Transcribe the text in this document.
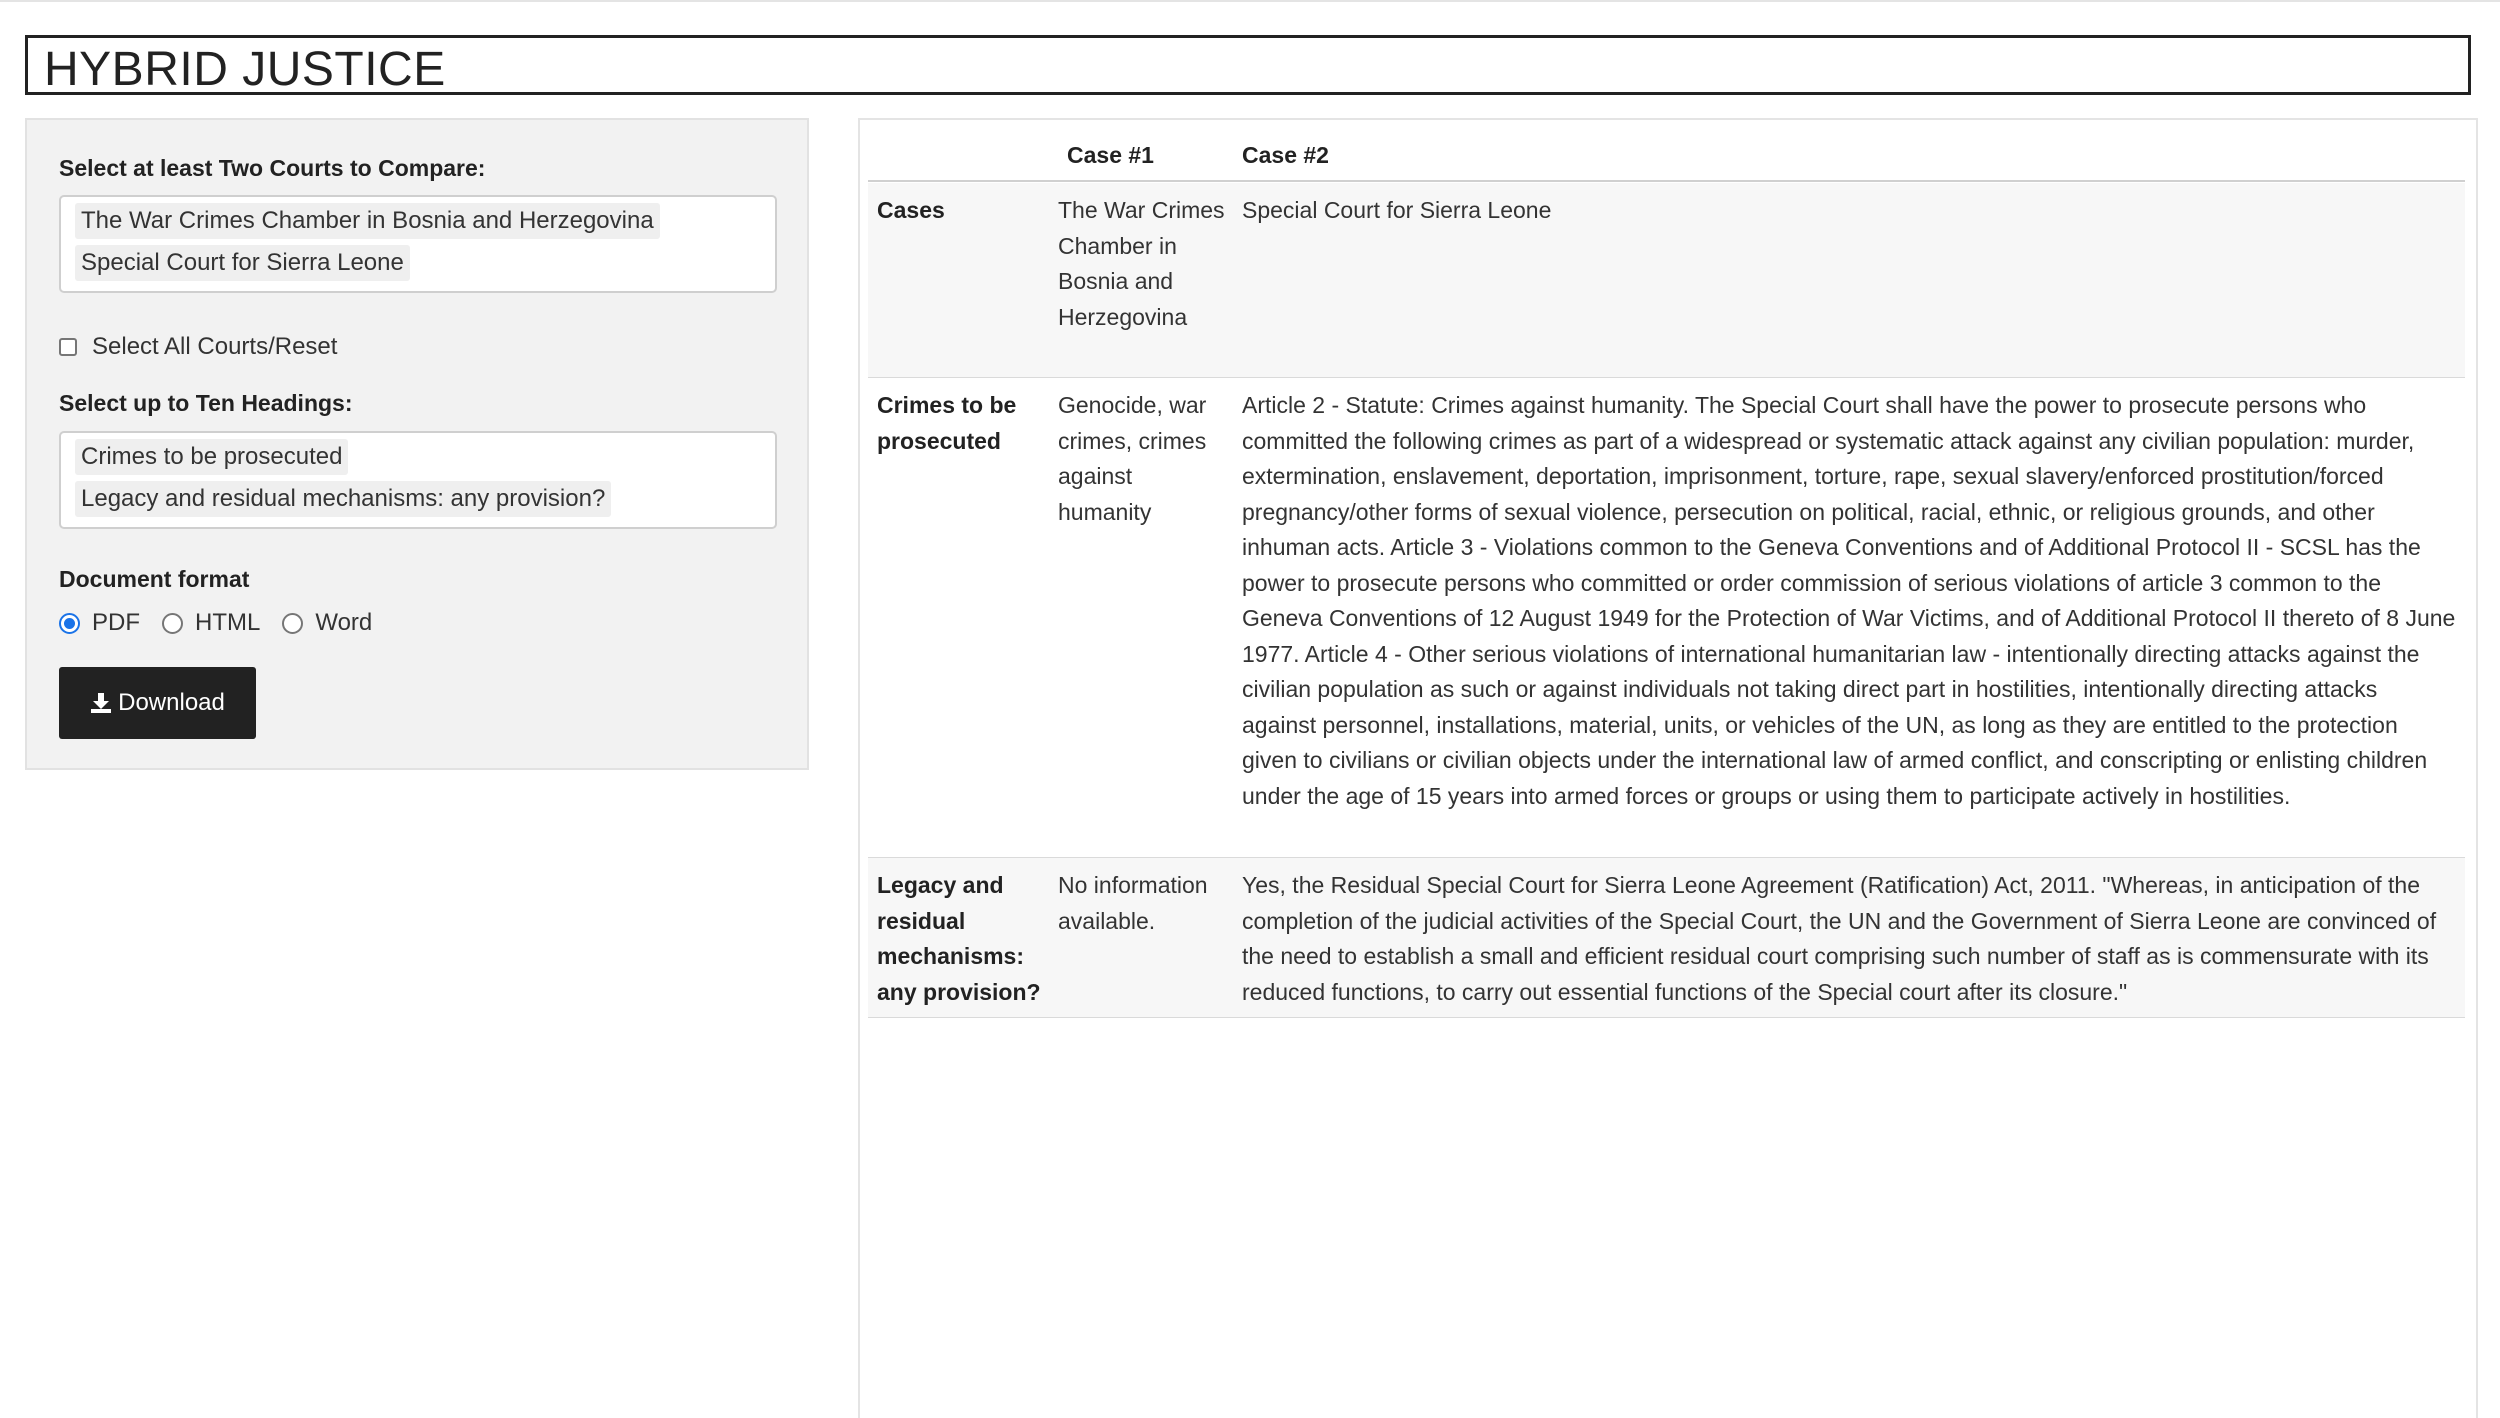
HYBRID JUSTICE
Select at least Two Courts to Compare:
The War Crimes Chamber in Bosnia and Herzegovina
Special Court for Sierra Leone
Select All Courts/Reset
Select up to Ten Headings:
Crimes to be prosecuted
Legacy and residual mechanisms: any provision?
Document format
PDF HTML Word
Download
Case #1	Case #2
Cases	The War Crimes Chamber in Bosnia and Herzegovina
Special Court for Sierra Leone
Crimes to be prosecuted
Genocide, war crimes, crimes against humanity
Article 2 - Statute: Crimes against humanity. The Special Court shall have the power to prosecute persons who committed the following crimes as part of a widespread or systematic attack against any civilian population: murder, extermination, enslavement, deportation, imprisonment, torture, rape, sexual slavery/enforced prostitution/forced pregnancy/other forms of sexual violence, persecution on political, racial, ethnic, or religious grounds, and other inhuman acts. Article 3 - Violations common to the Geneva Conventions and of Additional Protocol II - SCSL has the power to prosecute persons who committed or order commission of serious violations of article 3 common to the Geneva Conventions of 12 August 1949 for the Protection of War Victims, and of Additional Protocol II thereto of 8 June 1977. Article 4 - Other serious violations of international humanitarian law - intentionally directing attacks against the civilian population as such or against individuals not taking direct part in hostilities, intentionally directing attacks against personnel, installations, material, units, or vehicles of the UN, as long as they are entitled to the protection given to civilians or civilian objects under the international law of armed conflict, and conscripting or enlisting children under the age of 15 years into armed forces or groups or using them to participate actively in hostilities.
Legacy and residual mechanisms: any provision?
No information available.
Yes, the Residual Special Court for Sierra Leone Agreement (Ratification) Act, 2011. "Whereas, in anticipation of the completion of the judicial activities of the Special Court, the UN and the Government of Sierra Leone are convinced of the need to establish a small and efficient residual court comprising such number of staff as is commensurate with its reduced functions, to carry out essential functions of the Special court after its closure."
